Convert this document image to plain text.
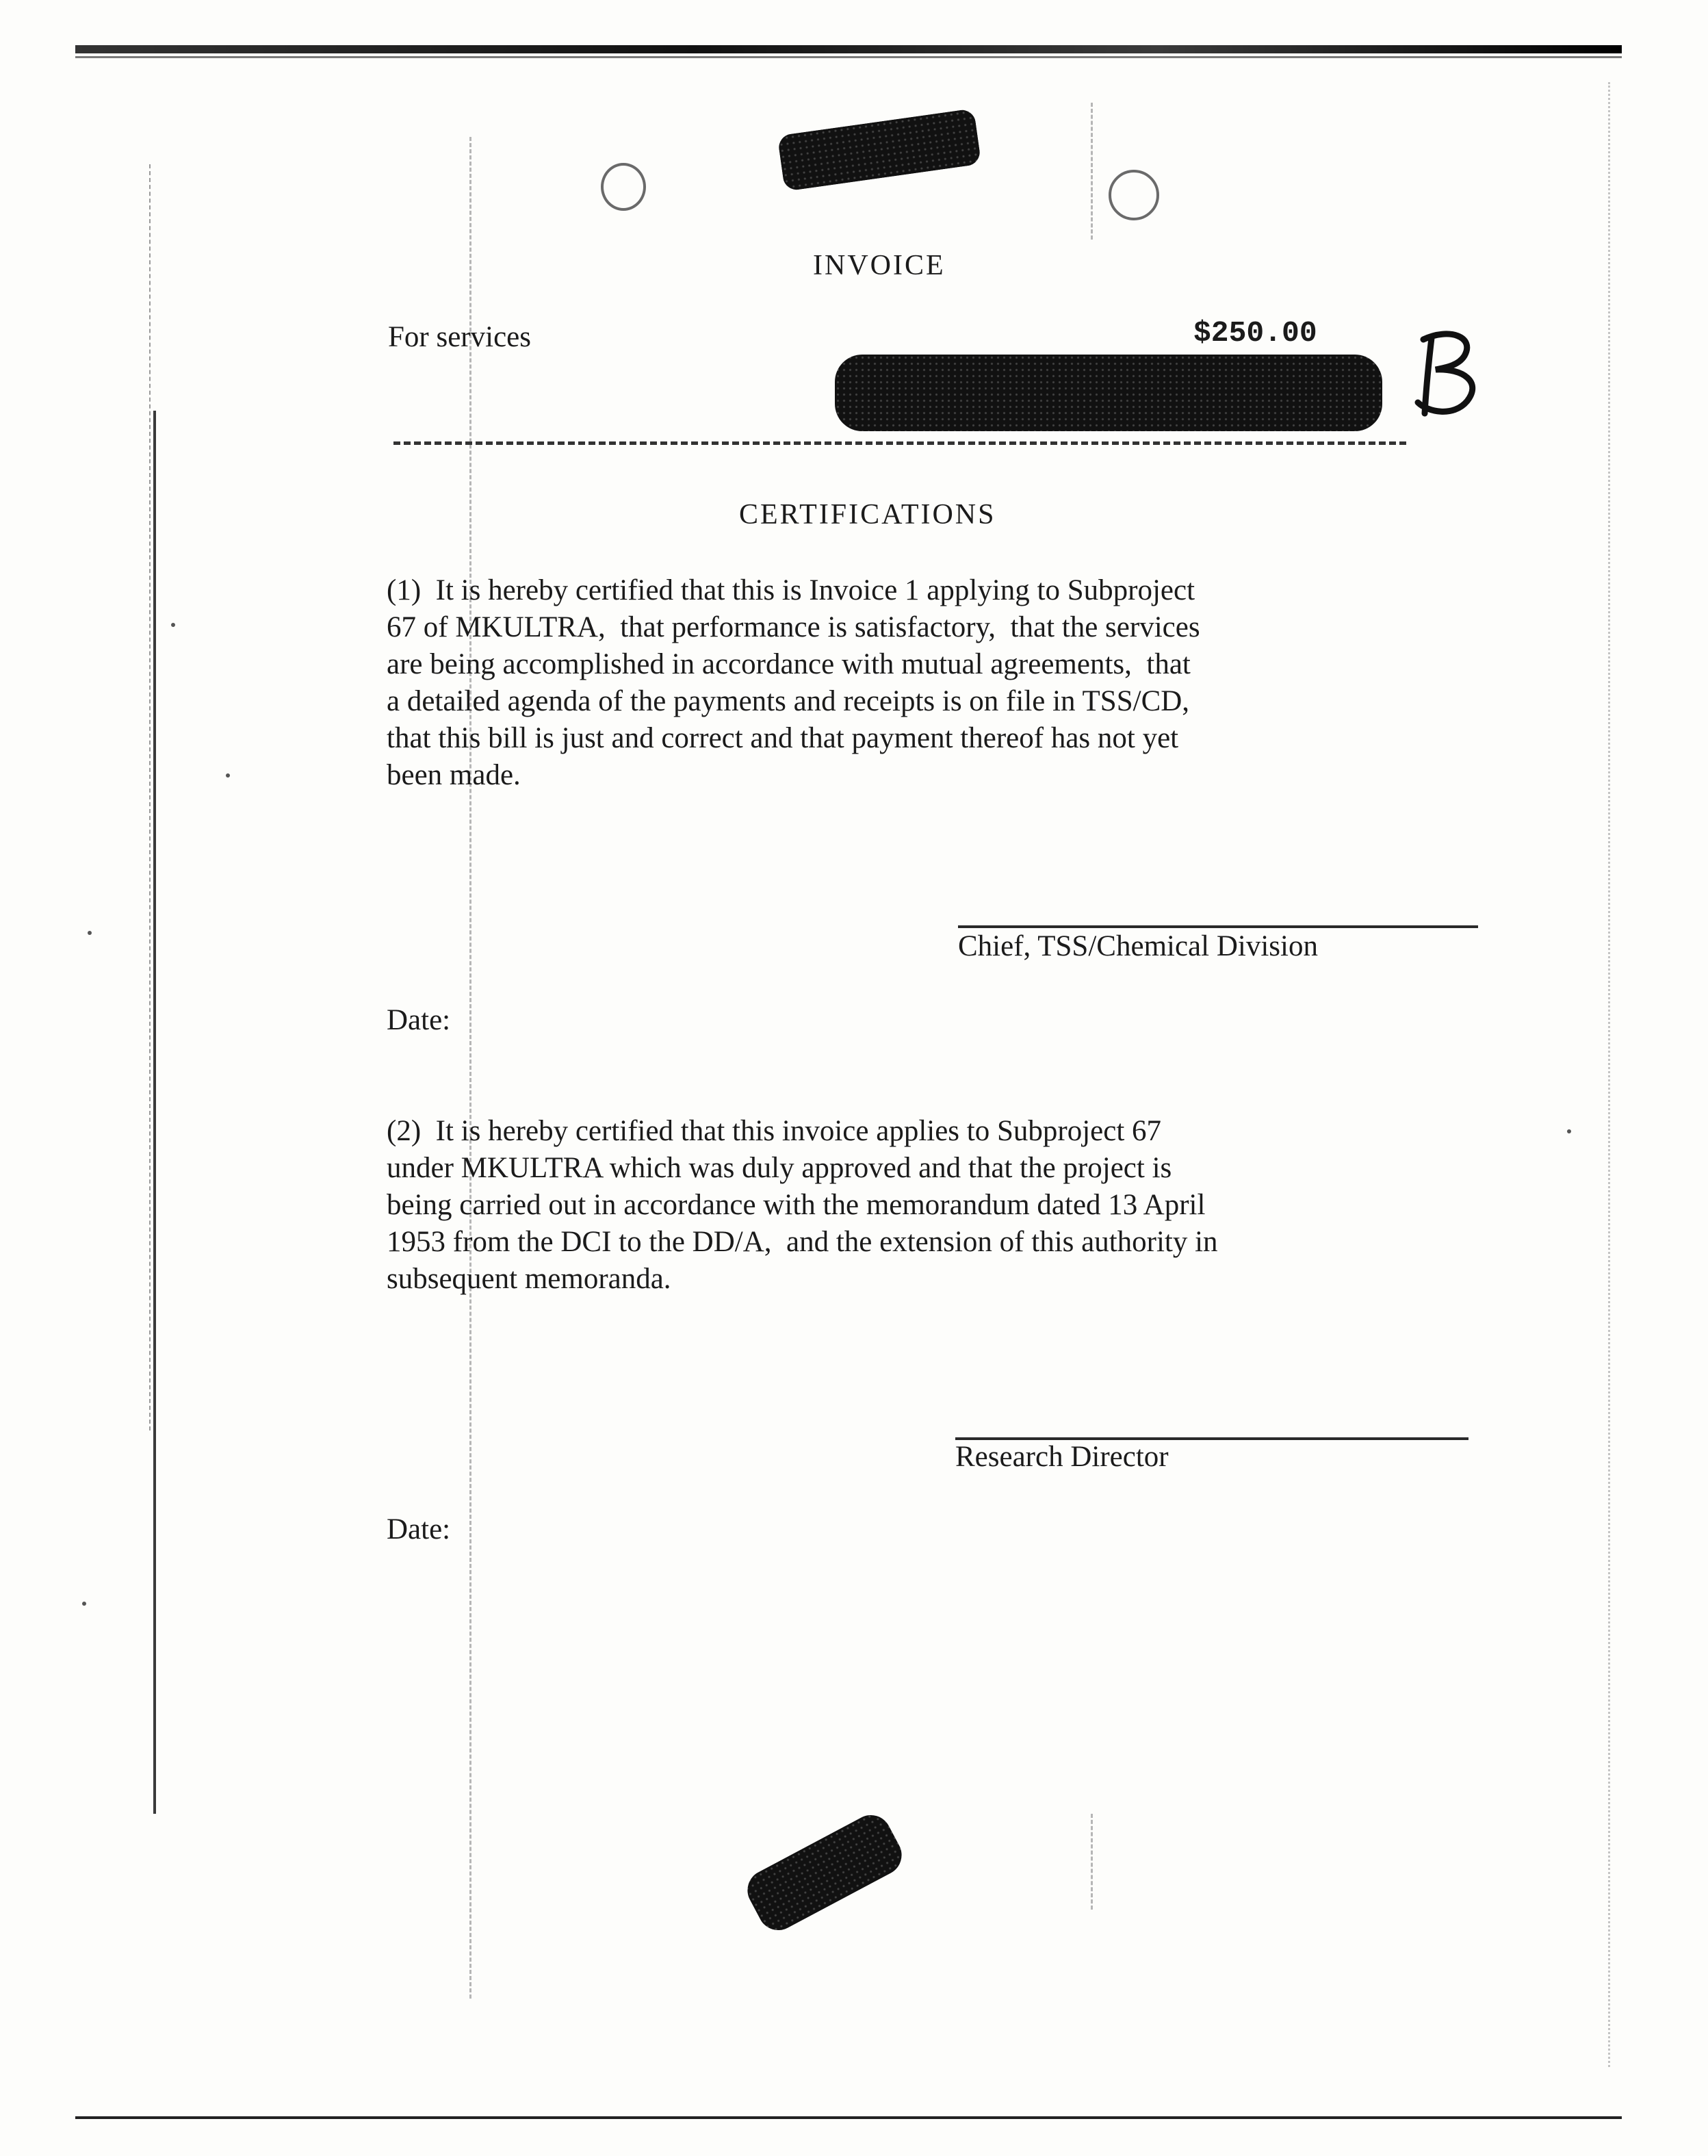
INVOICE
For services	$250.00
CERTIFICATIONS
(1)  It is hereby certified that this is Invoice 1 applying to Subproject
67 of MKULTRA,  that performance is satisfactory,  that the services
are being accomplished in accordance with mutual agreements,  that
a detailed agenda of the payments and receipts is on file in TSS/CD,
that this bill is just and correct and that payment thereof has not yet
been made.
Chief, TSS/Chemical Division
Date:
(2)  It is hereby certified that this invoice applies to Subproject 67
under MKULTRA which was duly approved and that the project is
being carried out in accordance with the memorandum dated 13 April
1953 from the DCI to the DD/A,  and the extension of this authority in
subsequent memoranda.
Research Director
Date:
